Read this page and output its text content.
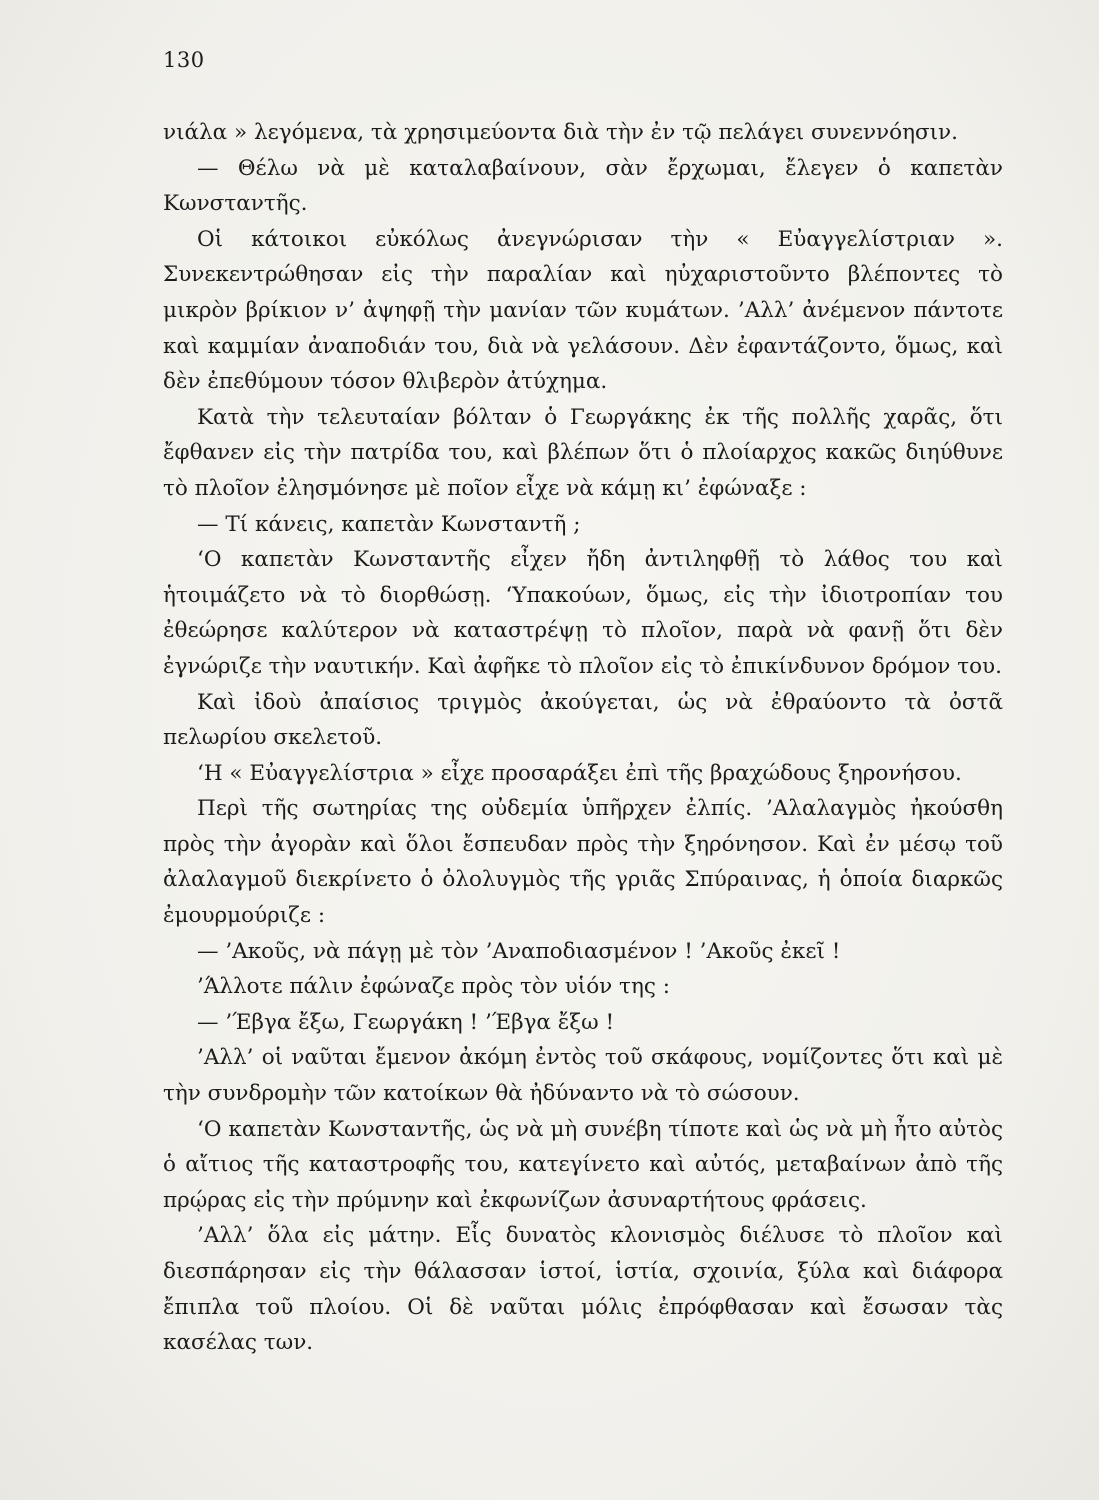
130

νιάλα » λεγόμενα, τὰ χρησιμεύοντα διὰ τὴν ἐν τῷ πελάγει συνεννόησιν.

— Θέλω νὰ μὲ καταλαβαίνουν, σὰν ἔρχωμαι, ἔλεγεν ὁ καπετὰν Κωνσταντῆς.

Οἱ κάτοικοι εὐκόλως ἀνεγνώρισαν τὴν « Εὐαγγελίστριαν ». Συνεκεντρώθησαν εἰς τὴν παραλίαν καὶ ηὐχαριστοῦντο βλέποντες τὸ μικρὸν βρίκιον ν’ ἀψηφῇ τὴν μανίαν τῶν κυμάτων. ’Αλλ’ ἀνέμενον πάντοτε καὶ καμμίαν ἀναποδιάν του, διὰ νὰ γελάσουν. Δὲν ἐφαντάζοντο, ὅμως, καὶ δὲν ἐπεθύμουν τόσον θλιβερὸν ἀτύχημα.

Κατὰ τὴν τελευταίαν βόλταν ὁ Γεωργάκης ἐκ τῆς πολλῆς χαρᾶς, ὅτι ἔφθανεν εἰς τὴν πατρίδα του, καὶ βλέπων ὅτι ὁ πλοίαρχος κακῶς διηύθυνε τὸ πλοῖον ἐλησμόνησε μὲ ποῖον εἶχε νὰ κάμῃ κι’ ἐφώναξε :

— Τί κάνεις, καπετὰν Κωνσταντῆ ;

‘Ο καπετὰν Κωνσταντῆς εἶχεν ἤδη ἀντιληφθῇ τὸ λάθος του καὶ ἡτοιμάζετο νὰ τὸ διορθώσῃ. ‘Υπακούων, ὅμως, εἰς τὴν ἰδιοτροπίαν του ἐθεώρησε καλύτερον νὰ καταστρέψῃ τὸ πλοῖον, παρὰ νὰ φανῇ ὅτι δὲν ἐγνώριζε τὴν ναυτικήν. Καὶ ἀφῆκε τὸ πλοῖον εἰς τὸ ἐπικίνδυνον δρόμον του.

Καὶ ἰδοὺ ἀπαίσιος τριγμὸς ἀκούγεται, ὡς νὰ ἐθραύοντο τὰ ὀστᾶ πελωρίου σκελετοῦ.

‘Η « Εὐαγγελίστρια » εἶχε προσαράξει ἐπὶ τῆς βραχώδους ξηρονήσου.

Περὶ τῆς σωτηρίας της οὐδεμία ὑπῆρχεν ἐλπίς. ’Αλαλαγμὸς ἠκούσθη πρὸς τὴν ἀγορὰν καὶ ὅλοι ἔσπευδαν πρὸς τὴν ξηρόνησον. Καὶ ἐν μέσῳ τοῦ ἀλαλαγμοῦ διεκρίνετο ὁ ὀλολυγμὸς τῆς γριᾶς Σπύραινας, ἡ ὁποία διαρκῶς ἐμουρμούριζε :

— ’Ακοῦς, νὰ πάγῃ μὲ τὸν ’Αναποδιασμένον ! ’Ακοῦς ἐκεῖ !

’Άλλοτε πάλιν ἐφώναζε πρὸς τὸν υἱόν της :

— ’Έβγα ἔξω, Γεωργάκη ! ’Έβγα ἔξω !

’Αλλ’ οἱ ναῦται ἔμενον ἀκόμη ἐντὸς τοῦ σκάφους, νομίζοντες ὅτι καὶ μὲ τὴν συνδρομὴν τῶν κατοίκων θὰ ἠδύναντο νὰ τὸ σώσουν.

‘Ο καπετὰν Κωνσταντῆς, ὡς νὰ μὴ συνέβη τίποτε καὶ ὡς νὰ μὴ ἦτο αὐτὸς ὁ αἴτιος τῆς καταστροφῆς του, κατεγίνετο καὶ αὐτός, μεταβαίνων ἀπὸ τῆς πρῴρας εἰς τὴν πρύμνην καὶ ἐκφωνίζων ἀσυναρτήτους φράσεις.

’Αλλ’ ὅλα εἰς μάτην. Εἷς δυνατὸς κλονισμὸς διέλυσε τὸ πλοῖον καὶ διεσπάρησαν εἰς τὴν θάλασσαν ἱστοί, ἱστία, σχοινία, ξύλα καὶ διάφορα ἔπιπλα τοῦ πλοίου. Οἱ δὲ ναῦται μόλις ἐπρόφθασαν καὶ ἔσωσαν τὰς κασέλας των.
